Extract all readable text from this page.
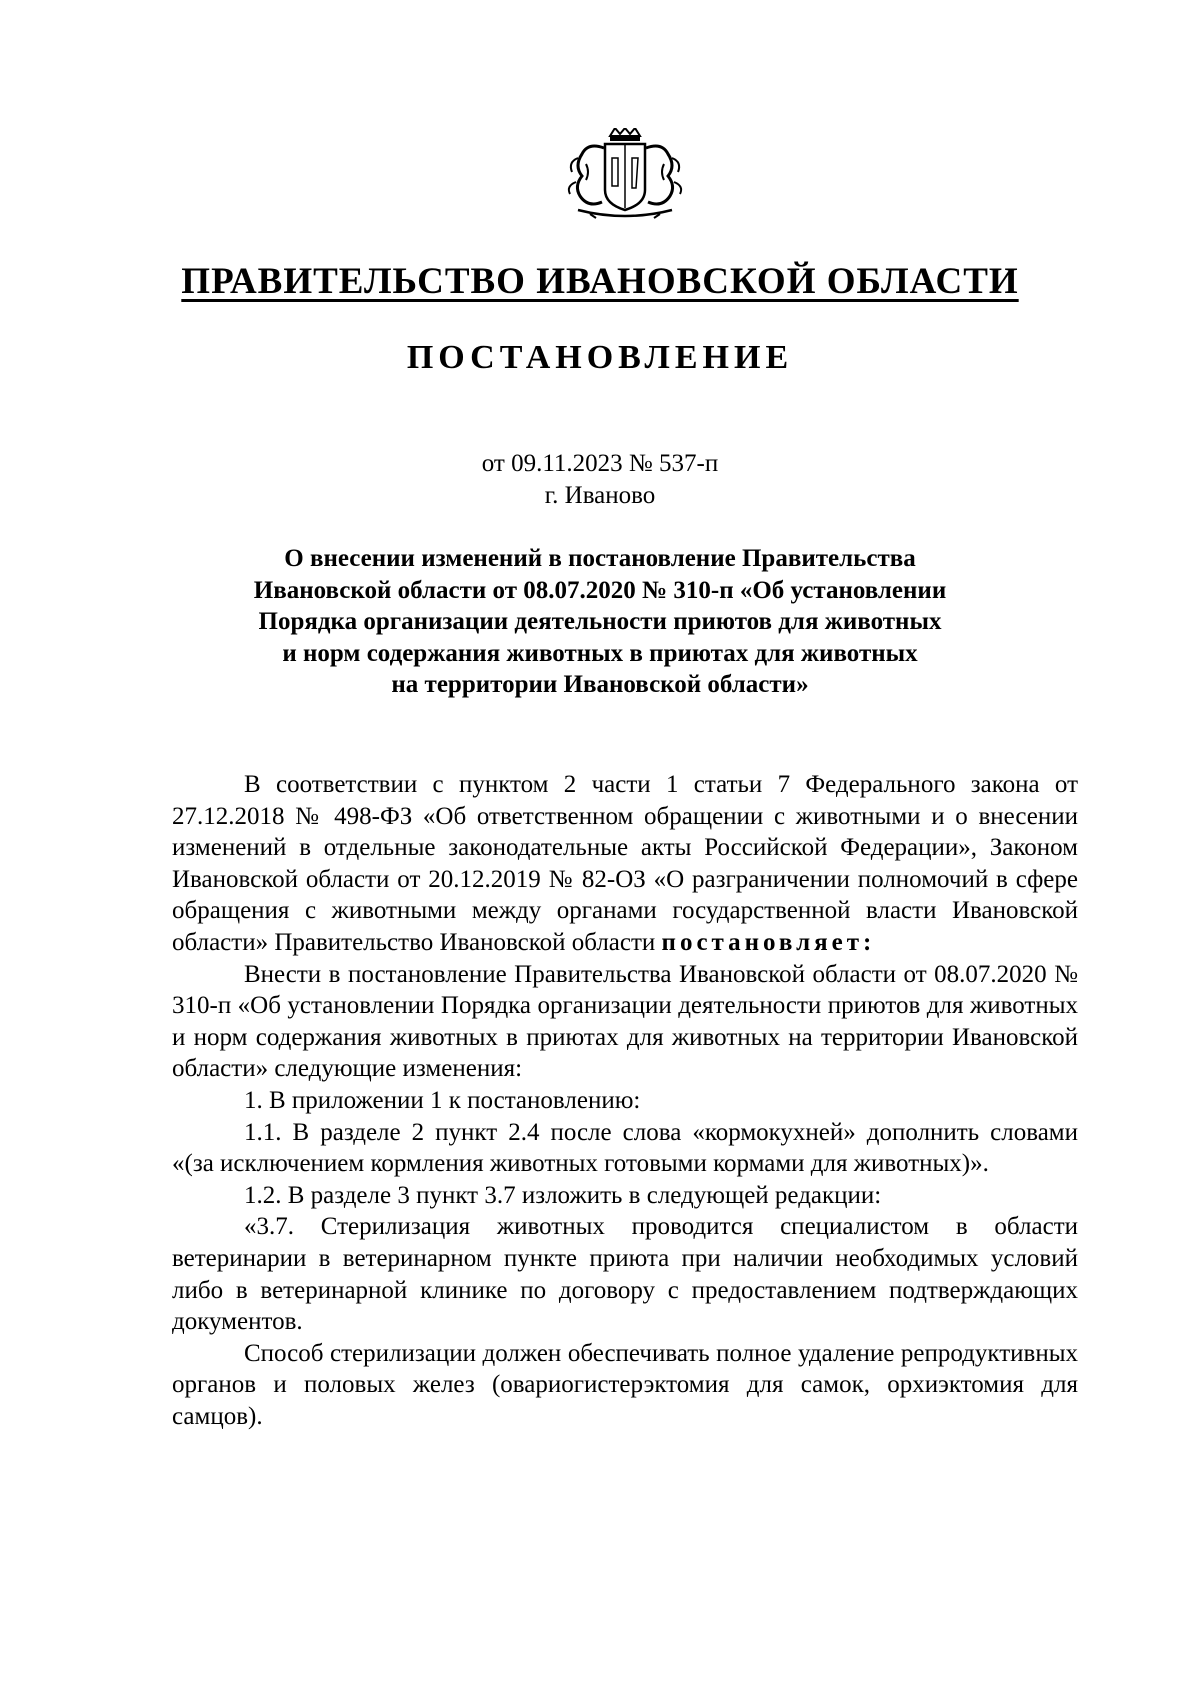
ПРАВИТЕЛЬСТВО ИВАНОВСКОЙ ОБЛАСТИ
ПОСТАНОВЛЕНИЕ
от 09.11.2023 № 537-п
г. Иваново
О внесении изменений в постановление Правительства
Ивановской области от 08.07.2020 № 310-п «Об установлении
Порядка организации деятельности приютов для животных
и норм содержания животных в приютах для животных
на территории Ивановской области»

В соответствии с пунктом 2 части 1 статьи 7 Федерального закона от 27.12.2018 № 498-ФЗ «Об ответственном обращении с животными и о внесении изменений в отдельные законодательные акты Российской Федерации», Законом Ивановской области от 20.12.2019 № 82-ОЗ «О разграничении полномочий в сфере обращения с животными между органами государственной власти Ивановской области» Правительство Ивановской области постановляет:

Внести в постановление Правительства Ивановской области от 08.07.2020 № 310-п «Об установлении Порядка организации деятельности приютов для животных и норм содержания животных в приютах для животных на территории Ивановской области» следующие изменения:

1. В приложении 1 к постановлению:

1.1. В разделе 2 пункт 2.4 после слова «кормокухней» дополнить словами «(за исключением кормления животных готовыми кормами для животных)».

1.2. В разделе 3 пункт 3.7 изложить в следующей редакции:

«3.7. Стерилизация животных проводится специалистом в области ветеринарии в ветеринарном пункте приюта при наличии необходимых условий либо в ветеринарной клинике по договору с предоставлением подтверждающих документов.

Способ стерилизации должен обеспечивать полное удаление репродуктивных органов и половых желез (овариогистерэктомия для самок, орхиэктомия для самцов).
